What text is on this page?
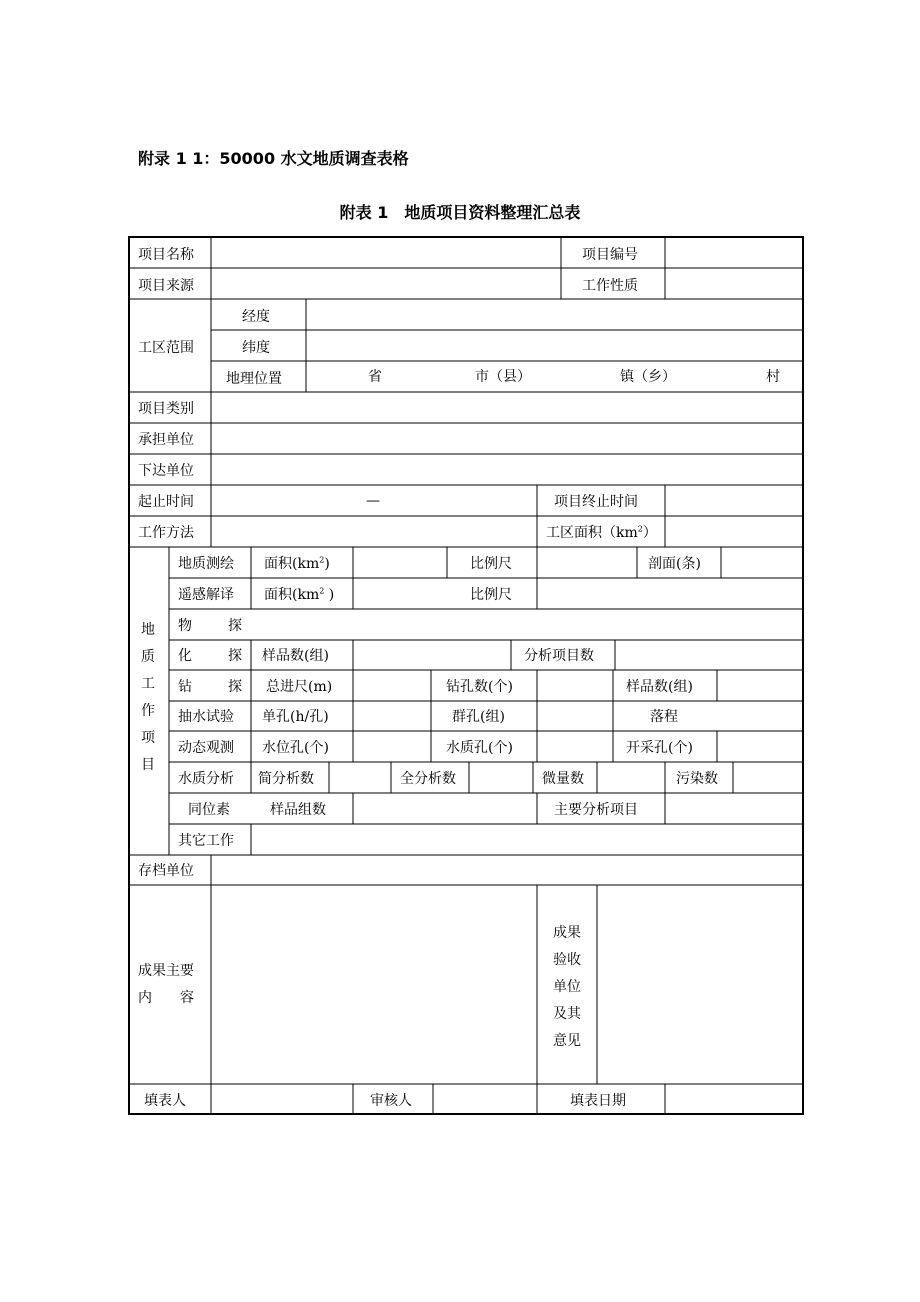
附录 1 1：50000 水文地质调查表格
附表 1　地质项目资料整理汇总表
项目名称	项目编号
项目来源	工作性质
工区范围
经度
纬度
地理位置	省	市（县）	镇（乡）	村
项目类别
承担单位
下达单位
起止时间	—	项目终止时间
工作方法	工区面积$(km^2)$
地
质
工
作
项
目
地质测绘 面积$(km^2)$	比例尺	剖面(条)
遥感解译 面积($km^2$ )	比例尺
物	探
化	探 样品数(组)	分析项目数
钻	探 总进尺(m)	钻孔数(个)	样品数(组)
抽水试验 单孔(h/孔)	群孔(组)	落程
动态观测 水位孔(个)	水质孔(个)	开采孔(个)
水质分析 简分析数	全分析数	微量数	污染数
同位素	样品组数	主要分析项目
其它工作
存档单位
成果主要
内　　容
成果
验收
单位
及其
意见
填表人	审核人	填表日期
